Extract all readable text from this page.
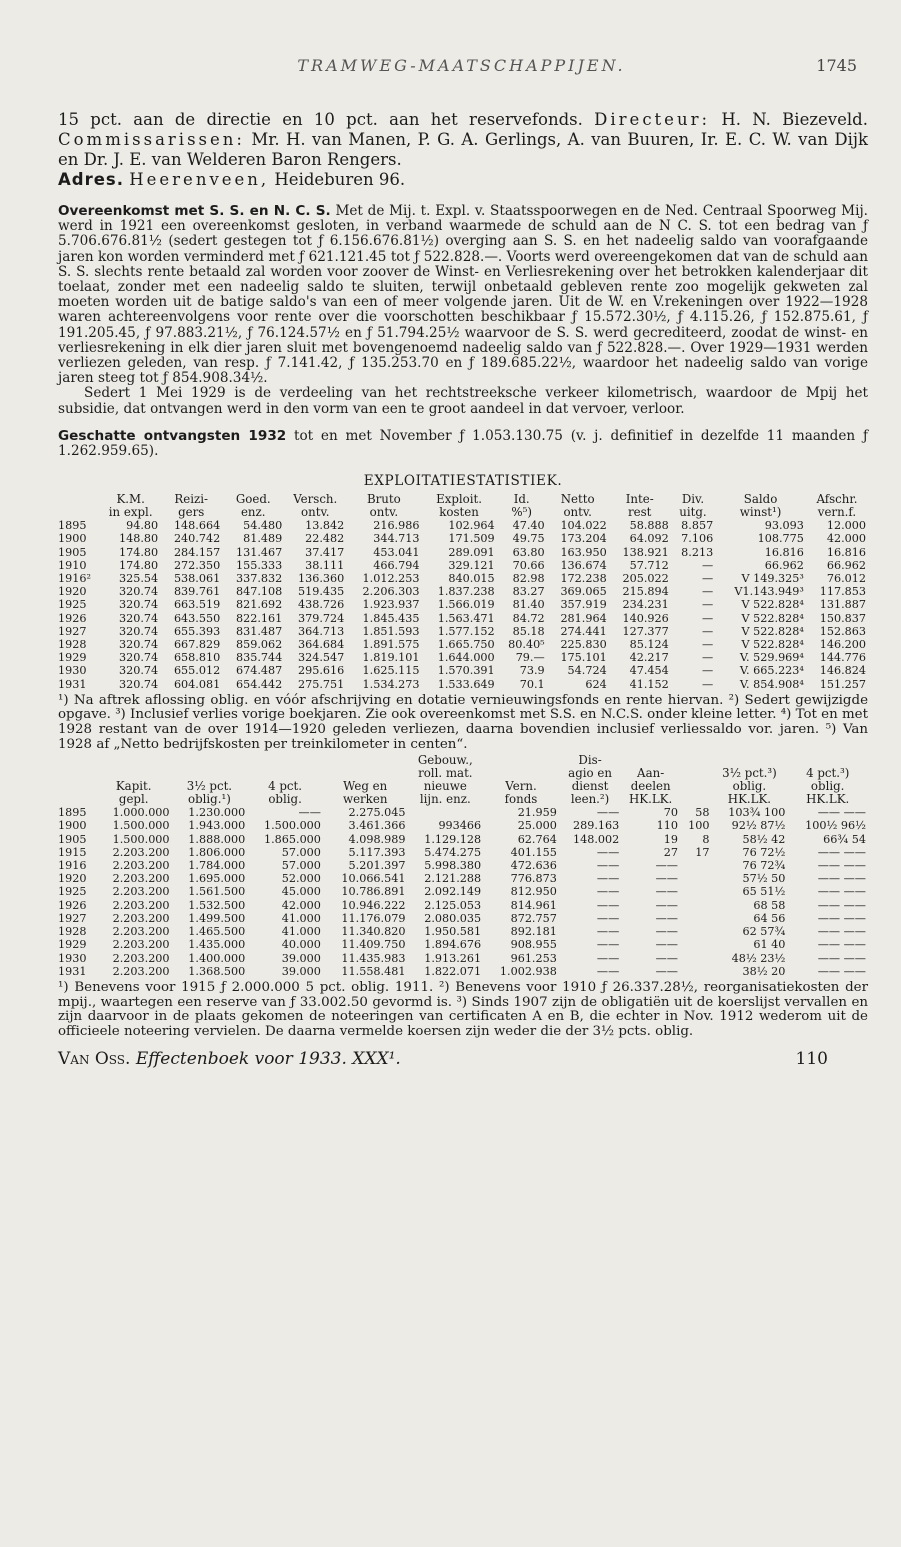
TRAMWEG-MAATSCHAPPIJEN.	1745

15 pct. aan de directie en 10 pct. aan het reservefonds. Directeur: H. N. Biezeveld. Commissarissen: Mr. H. van Manen, P. G. A. Gerlings, A. van Buuren, Ir. E. C. W. van Dijk en Dr. J. E. van Welderen Baron Rengers.

Adres. Heerenveen, Heideburen 96.

Overeenkomst met S. S. en N. C. S. Met de Mij. t. Expl. v. Staatsspoorwegen en de Ned. Centraal Spoorweg Mij. werd in 1921 een overeenkomst gesloten, in verband waarmede de schuld aan de N C. S. tot een bedrag van ƒ 5.706.676.81½ (sedert gestegen tot ƒ 6.156.676.81½) overging aan S. S. en het nadeelig saldo van voorafgaande jaren kon worden verminderd met ƒ 621.121.45 tot ƒ 522.828.—. Voorts werd overeengekomen dat van de schuld aan S. S. slechts rente betaald zal worden voor zoover de Winst- en Verliesrekening over het betrokken kalenderjaar dit toelaat, zonder met een nadeelig saldo te sluiten, terwijl onbetaald gebleven rente zoo mogelijk gekweten zal moeten worden uit de batige saldo's van een of meer volgende jaren. Uit de W. en V.rekeningen over 1922—1928 waren achtereenvolgens voor rente over die voorschotten beschikbaar ƒ 15.572.30½, ƒ 4.115.26, ƒ 152.875.61, ƒ 191.205.45, ƒ 97.883.21½, ƒ 76.124.57½ en ƒ 51.794.25½ waarvoor de S. S. werd gecrediteerd, zoodat de winst- en verliesrekening in elk dier jaren sluit met bovengenoemd nadeelig saldo van ƒ 522.828.—. Over 1929—1931 werden verliezen geleden, van resp. ƒ 7.141.42, ƒ 135.253.70 en ƒ 189.685.22½, waardoor het nadeelig saldo van vorige jaren steeg tot ƒ 854.908.34½.

Sedert 1 Mei 1929 is de verdeeling van het rechtstreeksche verkeer kilometrisch, waardoor de Mpij het subsidie, dat ontvangen werd in den vorm van een te groot aandeel in dat vervoer, verloor.

Geschatte ontvangsten 1932 tot en met November ƒ 1.053.130.75 (v. j. definitief in dezelfde 11 maanden ƒ 1.262.959.65).

EXPLOITATIESTATISTIEK.
	K.M.	Reizi-	Goed.	Versch.	Bruto	Exploit.	Id.	Netto	Inte-	Div.	Saldo	Afschr.
	in expl.	gers	enz.	ontv.	ontv.	kosten	%⁵)	ontv.	rest	uitg.	winst¹)	vern.f.
1895	94.80	148.664	54.480	13.842	216.986	102.964	47.40	104.022	58.888	8.857	93.093	12.000
1900	148.80	240.742	81.489	22.482	344.713	171.509	49.75	173.204	64.092	7.106	108.775	42.000
1905	174.80	284.157	131.467	37.417	453.041	289.091	63.80	163.950	138.921	8.213	16.816	16.816
1910	174.80	272.350	155.333	38.111	466.794	329.121	70.66	136.674	57.712	—	66.962	66.962
1916²	325.54	538.061	337.832	136.360	1.012.253	840.015	82.98	172.238	205.022	—	V 149.325³	76.012
1920	320.74	839.761	847.108	519.435	2.206.303	1.837.238	83.27	369.065	215.894	—	V1.143.949³	117.853
1925	320.74	663.519	821.692	438.726	1.923.937	1.566.019	81.40	357.919	234.231	—	V 522.828⁴	131.887
1926	320.74	643.550	822.161	379.724	1.845.435	1.563.471	84.72	281.964	140.926	—	V 522.828⁴	150.837
1927	320.74	655.393	831.487	364.713	1.851.593	1.577.152	85.18	274.441	127.377	—	V 522.828⁴	152.863
1928	320.74	667.829	859.062	364.684	1.891.575	1.665.750	80.40⁵	225.830	85.124	—	V 522.828⁴	146.200
1929	320.74	658.810	835.744	324.547	1.819.101	1.644.000	79.—	175.101	42.217	—	V. 529.969⁴	144.776
1930	320.74	655.012	674.487	295.616	1.625.115	1.570.391	73.9	54.724	47.454	—	V. 665.223⁴	146.824
1931	320.74	604.081	654.442	275.751	1.534.273	1.533.649	70.1	624	41.152	—	V. 854.908⁴	151.257

¹) Na aftrek aflossing oblig. en vóór afschrijving en dotatie vernieuwingsfonds en rente hiervan. ²) Sedert gewijzigde opgave. ³) Inclusief verlies vorige boekjaren. Zie ook overeenkomst met S.S. en N.C.S. onder kleine letter. ⁴) Tot en met 1928 restant van de over 1914—1920 geleden verliezen, daarna bovendien inclusief verliessaldo vor. jaren. ⁵) Van 1928 af „Netto bedrijfskosten per treinkilometer in centen“.

					Gebouw.,		Dis-				
					roll. mat.		agio en	Aan-		3½ pct.³)	4 pct.³)
	Kapit.	3½ pct.	4 pct.	Weg en	nieuwe	Vern.	dienst	deelen		oblig.	oblig.
	gepl.	oblig.¹)	oblig.	werken	lijn. enz.	fonds	leen.²)	HK.LK.		HK.LK.	HK.LK.
1895	1.000.000	1.230.000	——	2.275.045		21.959	——	70	58	103¾ 100	—— ——
1900	1.500.000	1.943.000	1.500.000	3.461.366	993466	25.000	289.163	110	100	92½ 87½	100½ 96½
1905	1.500.000	1.888.000	1.865.000	4.098.989	1.129.128	62.764	148.002	19	8	58½ 42	66¾ 54
1915	2.203.200	1.806.000	57.000	5.117.393	5.474.275	401.155	——	27	17	76 72½	—— ——
1916	2.203.200	1.784.000	57.000	5.201.397	5.998.380	472.636	——	——		76 72¾	—— ——
1920	2.203.200	1.695.000	52.000	10.066.541	2.121.288	776.873	——	——		57½ 50	—— ——
1925	2.203.200	1.561.500	45.000	10.786.891	2.092.149	812.950	——	——		65 51½	—— ——
1926	2.203.200	1.532.500	42.000	10.946.222	2.125.053	814.961	——	——		68 58	—— ——
1927	2.203.200	1.499.500	41.000	11.176.079	2.080.035	872.757	——	——		64 56	—— ——
1928	2.203.200	1.465.500	41.000	11.340.820	1.950.581	892.181	——	——		62 57¾	—— ——
1929	2.203.200	1.435.000	40.000	11.409.750	1.894.676	908.955	——	——		61 40	—— ——
1930	2.203.200	1.400.000	39.000	11.435.983	1.913.261	961.253	——	——		48½ 23½	—— ——
1931	2.203.200	1.368.500	39.000	11.558.481	1.822.071	1.002.938	——	——		38½ 20	—— ——

¹) Benevens voor 1915 ƒ 2.000.000 5 pct. oblig. 1911. ²) Benevens voor 1910 ƒ 26.337.28½, reorganisatiekosten der mpij., waartegen een reserve van ƒ 33.002.50 gevormd is. ³) Sinds 1907 zijn de obligatiën uit de koerslijst vervallen en zijn daarvoor in de plaats gekomen de noteeringen van certificaten A en B, die echter in Nov. 1912 wederom uit de officieele noteering vervielen. De daarna vermelde koersen zijn weder die der 3½ pcts. oblig.

Van Oss. Effectenboek voor 1933. XXX¹.	110
